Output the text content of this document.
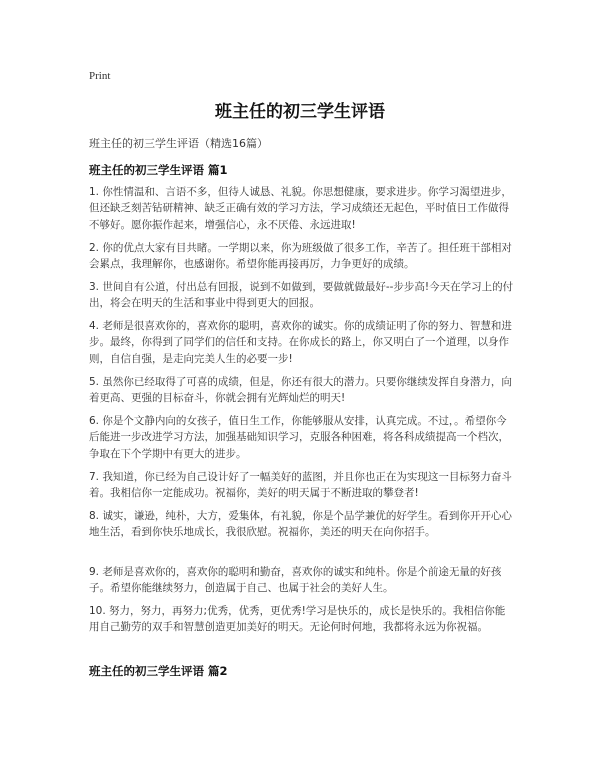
Print
班主任的初三学生评语
班主任的初三学生评语（精选16篇）
班主任的初三学生评语 篇1

1. 你性情温和、言语不多，但待人诚恳、礼貌。你思想健康，要求进步。你学习渴望进步，但还缺乏刻苦钻研精神、缺乏正确有效的学习方法，学习成绩还无起色，平时值日工作做得不够好。愿你振作起来，增强信心，永不厌倦、永远进取!

2. 你的优点大家有目共睹。一学期以来，你为班级做了很多工作，辛苦了。担任班干部相对会累点，我理解你，也感谢你。希望你能再接再厉，力争更好的成绩。

3. 世间自有公道，付出总有回报，说到不如做到，要做就做最好--步步高!今天在学习上的付出，将会在明天的生活和事业中得到更大的回报。

4. 老师是很喜欢你的，喜欢你的聪明，喜欢你的诚实。你的成绩证明了你的努力、智慧和进步。最终，你得到了同学们的信任和支持。在你成长的路上，你又明白了一个道理，以身作则，自信自强，是走向完美人生的必要一步!

5. 虽然你已经取得了可喜的成绩，但是，你还有很大的潜力。只要你继续发挥自身潜力，向着更高、更强的目标奋斗，你就会拥有光辉灿烂的明天!

6. 你是个文静内向的女孩子，值日生工作，你能够服从安排，认真完成。不过，。希望你今后能进一步改进学习方法，加强基础知识学习，克服各种困难，将各科成绩提高一个档次，争取在下个学期中有更大的进步。

7. 我知道，你已经为自己设计好了一幅美好的蓝图，并且你也正在为实现这一目标努力奋斗着。我相信你一定能成功。祝福你，美好的明天属于不断进取的攀登者!

8. 诚实，谦逊，纯朴，大方，爱集体，有礼貌，你是个品学兼优的好学生。看到你开开心心地生活，看到你快乐地成长，我很欣慰。祝福你，美还的明天在向你招手。

9. 老师是喜欢你的，喜欢你的聪明和勤奋，喜欢你的诚实和纯朴。你是个前途无量的好孩子。希望你能继续努力，创造属于自己、也属于社会的美好人生。

10. 努力，努力，再努力;优秀，优秀，更优秀!学习是快乐的，成长是快乐的。我相信你能用自己勤劳的双手和智慧创造更加美好的明天。无论何时何地，我都将永远为你祝福。

班主任的初三学生评语 篇2
